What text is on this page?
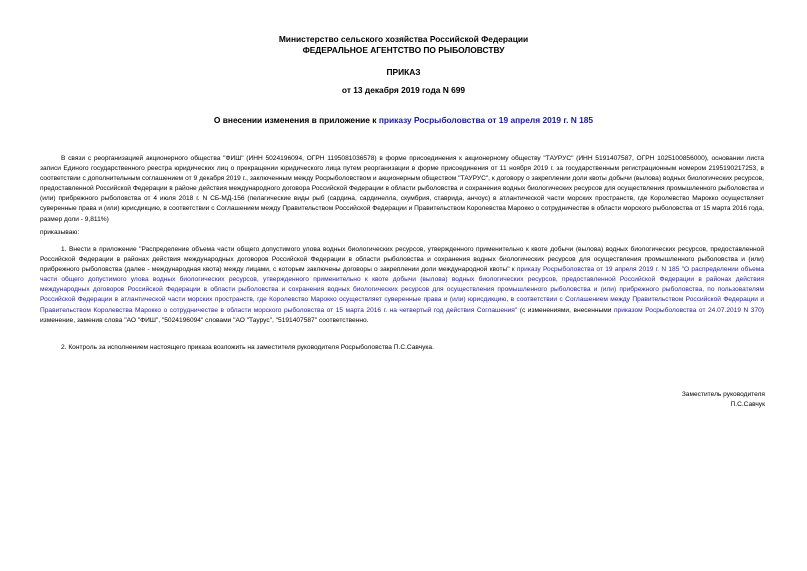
Министерство сельского хозяйства Российской Федерации
ФЕДЕРАЛЬНОЕ АГЕНТСТВО ПО РЫБОЛОВСТВУ
ПРИКАЗ
от 13 декабря 2019 года N 699
О внесении изменения в приложение к приказу Росрыболовства от 19 апреля 2019 г. N 185
В связи с реорганизацией акционерного общества "ФИШ" (ИНН 5024196094, ОГРН 1195081036578) в форме присоединения к акционерному обществу "ТАУРУС" (ИНН 5191407587, ОГРН 1025100856000), основании листа записи Единого государственного реестра юридических лиц о прекращении юридического лица путем реорганизации в форме присоединения от 11 ноября 2019 г. за государственным регистрационным номером 2195190217253, в соответствии с дополнительным соглашением от 9 декабря 2019 г., заключенным между Росрыболовством и акционерным обществом "ТАУРУС", к договору о закреплении доли квоты добычи (вылова) водных биологических ресурсов, предоставленной Российской Федерации в районе действия международного договора Российской Федерации в области рыболовства и сохранения водных биологических ресурсов для осуществления промышленного рыболовства и (или) прибрежного рыболовства от 4 июля 2018 г. N СБ-МД-156 (пелагические виды рыб (сардина, сардинелла, скумбрия, ставрида, анчоус) в атлантической части морских пространств, где Королевство Марокко осуществляет суверенные права и (или) юрисдикцию, в соответствии с Соглашением между Правительством Российской Федерации и Правительством Королевства Марокко о сотрудничестве в области морского рыболовства от 15 марта 2016 года, размер доли - 9,811%)
приказываю:
1. Внести в приложение "Распределение объема части общего допустимого улова водных биологических ресурсов, утвержденного применительно к квоте добычи (вылова) водных биологических ресурсов, предоставленной Российской Федерации в районах действия международных договоров Российской Федерации в области рыболовства и сохранения водных биологических ресурсов для осуществления промышленного рыболовства и (или) прибрежного рыболовства (далее - международная квота) между лицами, с которым заключены договоры о закреплении доли международной квоты" к приказу Росрыболовства от 19 апреля 2019 г. N 185 "О распределении объема части общего допустимого улова водных биологических ресурсов, утвержденного применительно к квоте добычи (вылова) водных биологических ресурсов, предоставленной Российской Федерации в районах действия международных договоров Российской Федерации в области рыболовства и сохранения водных биологических ресурсов для осуществления промышленного рыболовства и (или) прибрежного рыболовства, по пользователям Российской Федерации в атлантической части морских пространств, где Королевство Марокко осуществляет суверенные права и (или) юрисдикцию, в соответствии с Соглашением между Правительством Российской Федерации и Правительством Королевства Марокко о сотрудничестве в области морского рыболовства от 15 марта 2016 г. на четвертый год действия Соглашения" (с изменениями, внесенными приказом Росрыболовства от 24.07.2019 N 370) изменение, заменив слова "АО "ФИШ", "5024196094" словами "АО "Таурус", "5191407587" соответственно.
2. Контроль за исполнением настоящего приказа возложить на заместителя руководителя Росрыболовства П.С.Савчука.
Заместитель руководителя
П.С.Савчук
